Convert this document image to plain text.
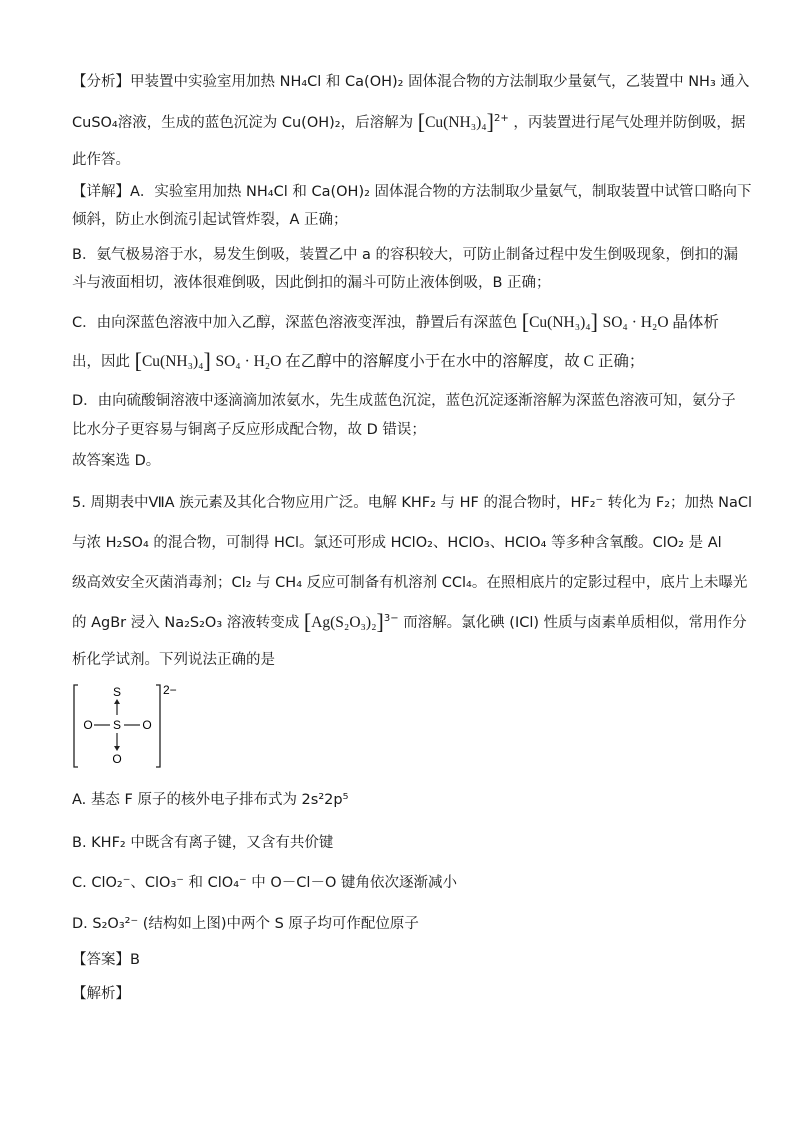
【分析】甲装置中实验室用加热 NH₄Cl 和 Ca(OH)₂ 固体混合物的方法制取少量氨气，乙装置中 NH₃ 通入
CuSO₄溶液，生成的蓝色沉淀为 Cu(OH)₂，后溶解为 $[Cu(NH_3)_4]^{2+}$ ，丙装置进行尾气处理并防倒吸，据
此作答。
【详解】A．实验室用加热 NH₄Cl 和 Ca(OH)₂ 固体混合物的方法制取少量氨气，制取装置中试管口略向下
倾斜，防止水倒流引起试管炸裂，A 正确；
B．氨气极易溶于水，易发生倒吸，装置乙中 a 的容积较大，可防止制备过程中发生倒吸现象，倒扣的漏
斗与液面相切，液体很难倒吸，因此倒扣的漏斗可防止液体倒吸，B 正确；
C．由向深蓝色溶液中加入乙醇，深蓝色溶液变浑浊，静置后有深蓝色 [Cu(NH₃)₄] SO₄ · H₂O 晶体析
出，因此 [Cu(NH₃)₄] SO₄ · H₂O 在乙醇中的溶解度小于在水中的溶解度，故 C 正确；
D．由向硫酸铜溶液中逐滴滴加浓氨水，先生成蓝色沉淀，蓝色沉淀逐渐溶解为深蓝色溶液可知，氨分子
比水分子更容易与铜离子反应形成配合物，故 D 错误；
故答案选 D。
5. 周期表中ⅦA 族元素及其化合物应用广泛。电解 KHF₂ 与 HF 的混合物时，HF₂⁻ 转化为 F₂；加热 NaCl
与浓 H₂SO₄ 的混合物，可制得 HCl。氯还可形成 HClO₂、HClO₃、HClO₄ 等多种含氧酸。ClO₂ 是 Al
级高效安全灭菌消毒剂；Cl₂ 与 CH₄ 反应可制备有机溶剂 CCl₄。在照相底片的定影过程中，底片上未曝光
的 AgBr 浸入 Na₂S₂O₃ 溶液转变成 $[Ag(S_2O_3)_2]^{3-}$ 而溶解。氯化碘 (ICl) 性质与卤素单质相似，常用作分
析化学试剂。下列说法正确的是
S
O S O
O
2−
A. 基态 F 原子的核外电子排布式为 2s²2p⁵
B. KHF₂ 中既含有离子键，又含有共价键
C. ClO₂⁻、ClO₃⁻ 和 ClO₄⁻ 中 O－Cl－O 键角依次逐渐减小
D. S₂O₃²⁻ (结构如上图)中两个 S 原子均可作配位原子
【答案】B
【解析】
